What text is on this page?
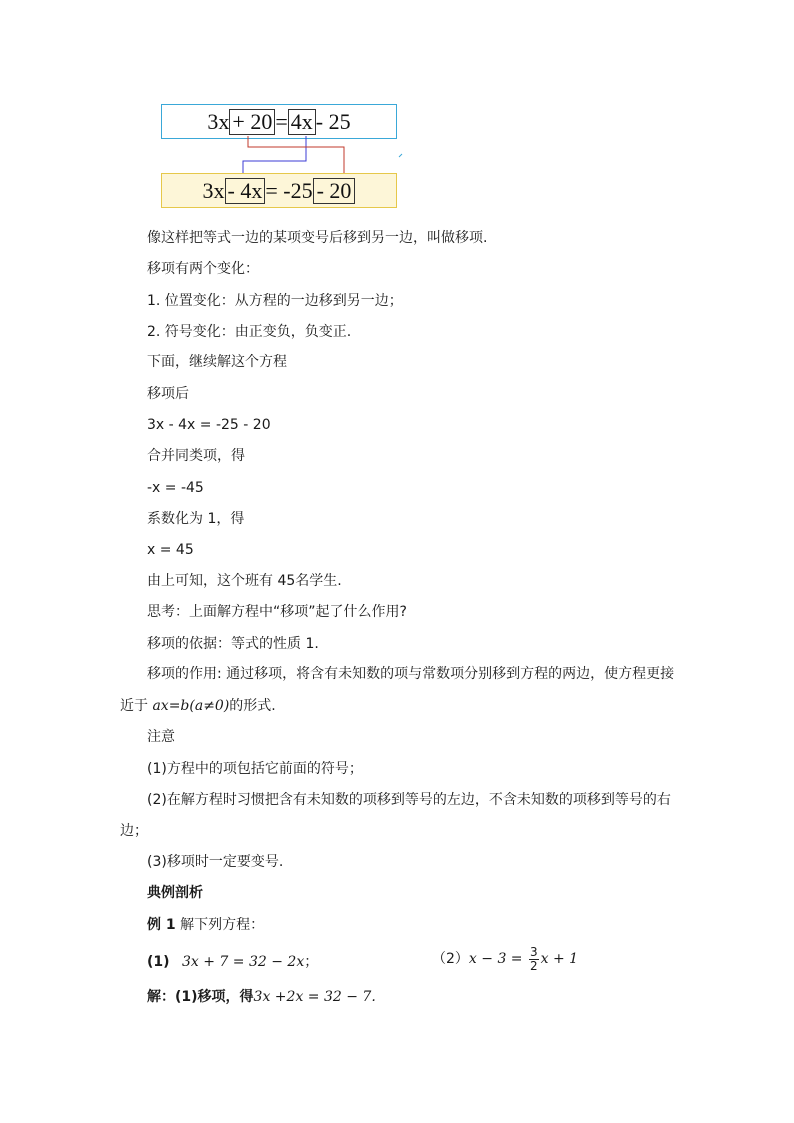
3x + 20 = 4x - 25
3x - 4x = -25 - 20
像这样把等式一边的某项变号后移到另一边，叫做移项.
移项有两个变化：
1. 位置变化：从方程的一边移到另一边；
2. 符号变化：由正变负，负变正.
下面，继续解这个方程
移项后
3x - 4x = -25 - 20
合并同类项，得
-x = -45
系数化为 1，得
x = 45
由上可知，这个班有 45名学生.
思考：上面解方程中“移项”起了什么作用?
移项的依据：等式的性质 1.
移项的作用: 通过移项，将含有未知数的项与常数项分别移到方程的两边，使方程更接
近于 ax=b(a≠0)的形式.
注意
(1)方程中的项包括它前面的符号；
(2)在解方程时习惯把含有未知数的项移到等号的左边，不含未知数的项移到等号的右
边；
(3)移项时一定要变号.
典例剖析
例 1 解下列方程：
(1) 3x + 7 = 32 − 2x；	$(2)x - 3 = \frac{3}{2}$ x + 1
解：(1)移项，得3x +2x = 32 − 7.
